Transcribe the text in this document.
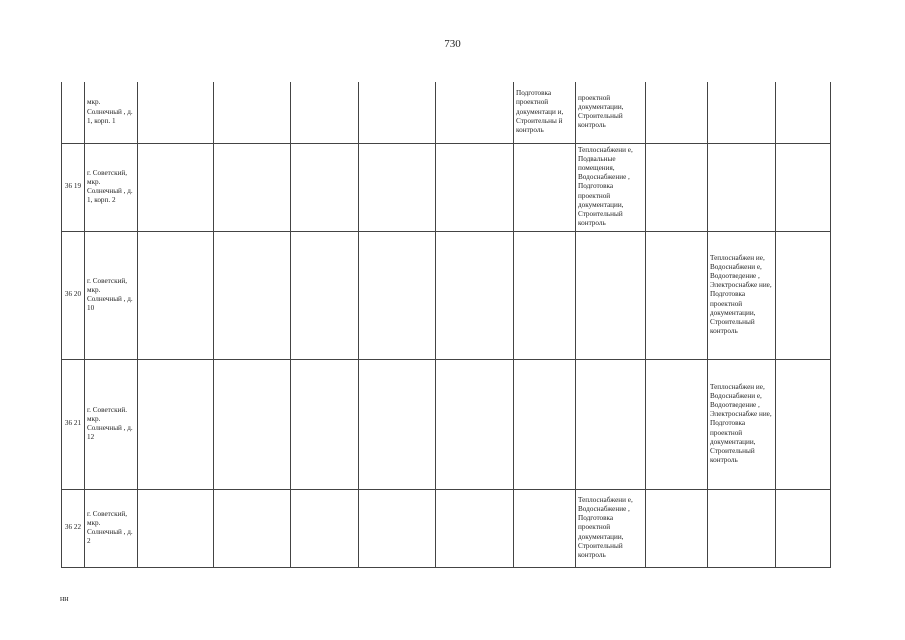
730
	мкр. Солнечный , д. 1, корп. 1						Подготовка проектной документаци и, Строительны й контроль	проектной документации, Строительный контроль			
36 19	г. Советский, мкр. Солнечный , д. 1, корп. 2							Теплоснабжени е, Подвальные помещения, Водоснабжение , Подготовка проектной документации, Строительный контроль			
36 20	г. Советский, мкр. Солнечный , д. 10									Теплоснабжен ие, Водоснабжени е, Водоотведение , Электроснабже ние, Подготовка проектной документации, Строительный контроль	
36 21	г. Советский. мкр. Солнечный , д. 12									Теплоснабжен ие, Водоснабжени е, Водоотведение , Электроснабже ние, Подготовка проектной документации, Строительный контроль	
36 22	г. Советский, мкр. Солнечный , д. 2							Теплоснабжени е, Водоснабжение , Подготовка проектной документации, Строительный контроль			
нн
